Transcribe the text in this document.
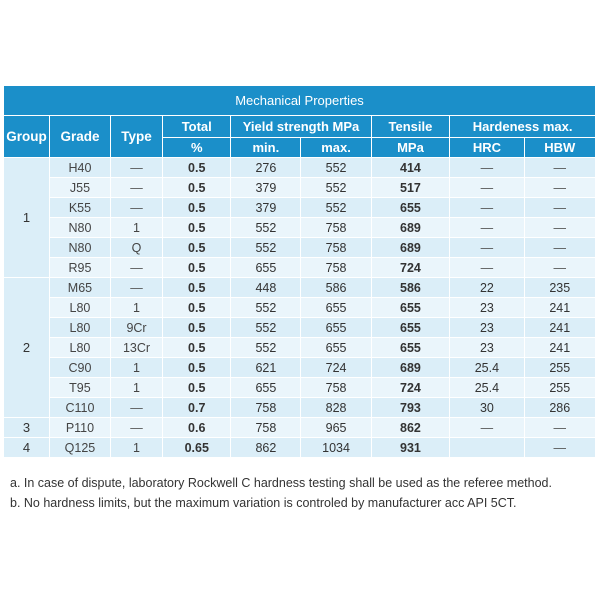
Mechanical Properties								
Group	Grade	Type	Total	Yield strength MPa		Tensile	Hardeness max.	
			%	min.	max.	MPa	HRC	HBW
1	H40	—	0.5	276	552	414	—	—
	J55	—	0.5	379	552	517	—	—
	K55	—	0.5	379	552	655	—	—
	N80	1	0.5	552	758	689	—	—
	N80	Q	0.5	552	758	689	—	—
	R95	—	0.5	655	758	724	—	—
2	M65	—	0.5	448	586	586	22	235
	L80	1	0.5	552	655	655	23	241
	L80	9Cr	0.5	552	655	655	23	241
	L80	13Cr	0.5	552	655	655	23	241
	C90	1	0.5	621	724	689	25.4	255
	T95	1	0.5	655	758	724	25.4	255
	C110	—	0.7	758	828	793	30	286
3	P110	—	0.6	758	965	862	—	—
4	Q125	1	0.65	862	1034	931		—
a. In case of dispute, laboratory Rockwell C hardness testing shall be used as the referee method.
b. No hardness limits, but the maximum variation is controled by manufacturer acc API 5CT.
